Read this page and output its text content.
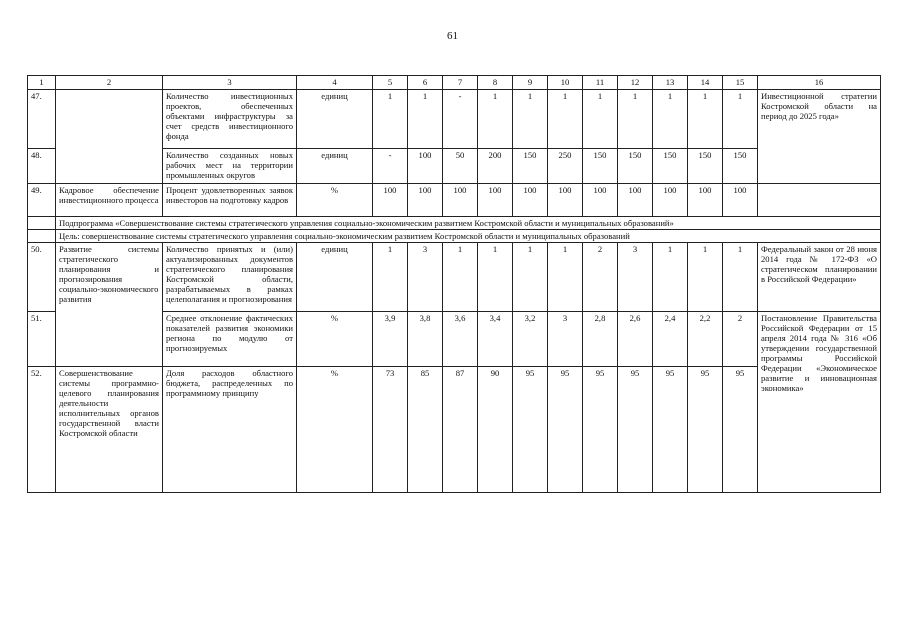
61
1	2	3	4	5	6	7	8	9	10	11	12	13	14	15	16
47.		Количество инвестиционных проектов, обеспеченных объектами инфраструктуры за счет средств инвестиционного фонда	единиц	1	1	-	1	1	1	1	1	1	1	1	Инвестиционной стратегии Костромской области на период до 2025 года»
48.		Количество созданных новых рабочих мест на территории промышленных округов	единиц	-	100	50	200	150	250	150	150	150	150	150	
49.	Кадровое обеспечение инвестиционного процесса	Процент удовлетворенных заявок инвесторов на подготовку кадров	%	100	100	100	100	100	100	100	100	100	100	100	
	Подпрограмма «Совершенствование системы стратегического управления социально-экономическим развитием Костромской области и муниципальных образований»														
	Цель: совершенствование системы стратегического управления социально-экономическим развитием Костромской области и муниципальных образований														
50.	Развитие системы стратегического планирования и прогнозирования социально-экономического развития	Количество принятых и (или) актуализированных документов стратегического планирования Костромской области, разрабатываемых в рамках целеполагания и прогнозирования	единиц	1	3	1	1	1	1	2	3	1	1	1	Федеральный закон от 28 июня 2014 года № 172-ФЗ «О стратегическом планировании в Российской Федерации»
51.		Среднее отклонение фактических показателей развития экономики региона по модулю от прогнозируемых	%	3,9	3,8	3,6	3,4	3,2	3	2,8	2,6	2,4	2,2	2	Постановление Правительства Российской Федерации от 15 апреля 2014 года № 316 «Об утверждении государственной программы Российской Федерации «Экономическое развитие и инновационная экономика»
52.	Совершенствование системы программно-целевого планирования деятельности исполнительных органов государственной власти Костромской области	Доля расходов областного бюджета, распределенных по программному принципу	%	73	85	87	90	95	95	95	95	95	95	95	
